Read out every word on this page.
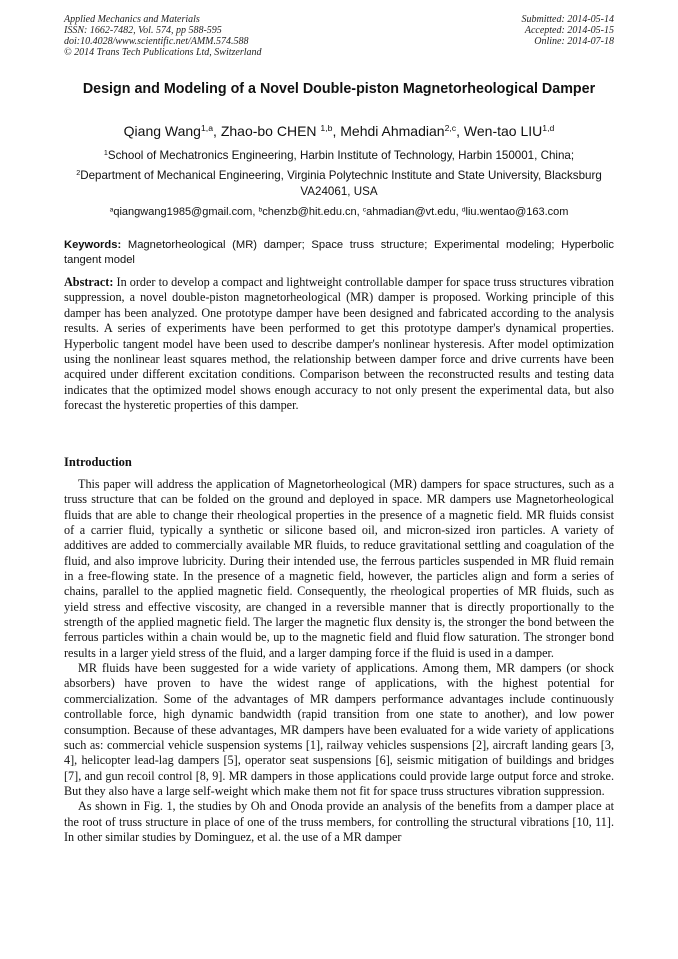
Applied Mechanics and Materials
ISSN: 1662-7482, Vol. 574, pp 588-595
doi:10.4028/www.scientific.net/AMM.574.588
© 2014 Trans Tech Publications Ltd, Switzerland
Submitted: 2014-05-14
Accepted: 2014-05-15
Online: 2014-07-18
Design and Modeling of a Novel Double-piston Magnetorheological Damper
Qiang Wang$^{1,a}$, Zhao-bo CHEN $^{1,b}$, Mehdi Ahmadian$^{2,c}$, Wen-tao LIU$^{1,d}$
$^1$School of Mechatronics Engineering, Harbin Institute of Technology, Harbin 150001, China;
$^2$Department of Mechanical Engineering, Virginia Polytechnic Institute and State University, Blacksburg VA24061, USA
$^a$qiangwang1985@gmail.com, $^b$chenzb@hit.edu.cn, $^c$ahmadian@vt.edu, $^d$liu.wentao@163.com
Keywords: Magnetorheological (MR) damper; Space truss structure; Experimental modeling; Hyperbolic tangent model
Abstract: In order to develop a compact and lightweight controllable damper for space truss structures vibration suppression, a novel double-piston magnetorheological (MR) damper is proposed. Working principle of this damper has been analyzed. One prototype damper have been designed and fabricated according to the analysis results. A series of experiments have been performed to get this prototype damper's dynamical properties. Hyperbolic tangent model have been used to describe damper's nonlinear hysteresis. After model optimization using the nonlinear least squares method, the relationship between damper force and drive currents have been acquired under different excitation conditions. Comparison between the reconstructed results and testing data indicates that the optimized model shows enough accuracy to not only present the experimental data, but also forecast the hysteretic properties of this damper.
Introduction

This paper will address the application of Magnetorheological (MR) dampers for space structures, such as a truss structure that can be folded on the ground and deployed in space. MR dampers use Magnetorheological fluids that are able to change their rheological properties in the presence of a magnetic field. MR fluids consist of a carrier fluid, typically a synthetic or silicone based oil, and micron-sized iron particles. A variety of additives are added to commercially available MR fluids, to reduce gravitational settling and coagulation of the fluid, and also improve lubricity. During their intended use, the ferrous particles suspended in MR fluid remain in a free-flowing state. In the presence of a magnetic field, however, the particles align and form a series of chains, parallel to the applied magnetic field. Consequently, the rheological properties of MR fluids, such as yield stress and effective viscosity, are changed in a reversible manner that is directly proportionally to the strength of the applied magnetic field. The larger the magnetic flux density is, the stronger the bond between the ferrous particles within a chain would be, up to the magnetic field and fluid flow saturation. The stronger bond results in a larger yield stress of the fluid, and a larger damping force if the fluid is used in a damper.

MR fluids have been suggested for a wide variety of applications. Among them, MR dampers (or shock absorbers) have proven to have the widest range of applications, with the highest potential for commercialization. Some of the advantages of MR dampers performance advantages include continuously controllable force, high dynamic bandwidth (rapid transition from one state to another), and low power consumption. Because of these advantages, MR dampers have been evaluated for a wide variety of applications such as: commercial vehicle suspension systems [1], railway vehicles suspensions [2], aircraft landing gears [3, 4], helicopter lead-lag dampers [5], operator seat suspensions [6], seismic mitigation of buildings and bridges [7], and gun recoil control [8, 9]. MR dampers in those applications could provide large output force and stroke. But they also have a large self-weight which make them not fit for space truss structures vibration suppression.

As shown in Fig. 1, the studies by Oh and Onoda provide an analysis of the benefits from a damper place at the root of truss structure in place of one of the truss members, for controlling the structural vibrations [10, 11]. In other similar studies by Dominguez, et al. the use of a MR damper
